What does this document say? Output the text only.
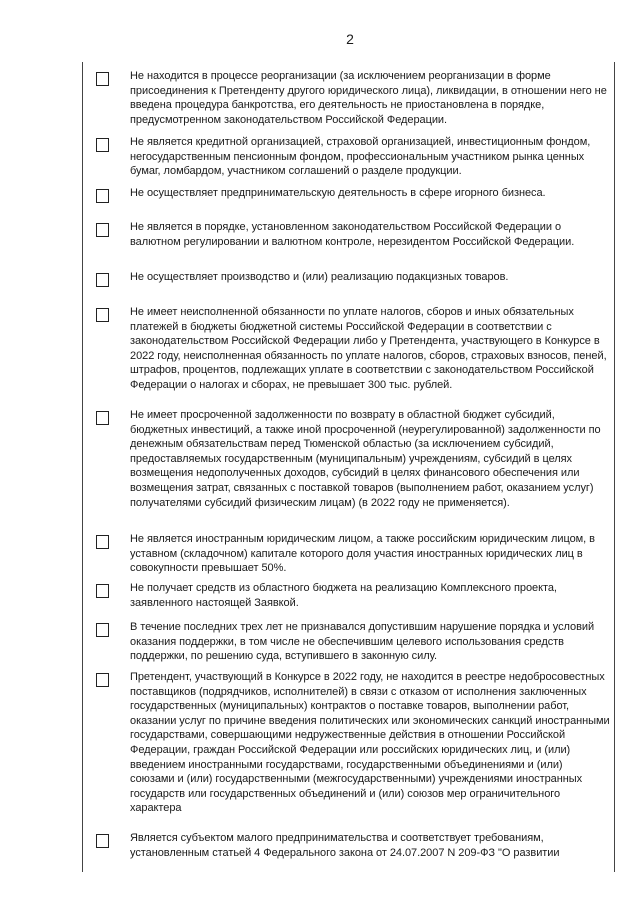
2
Не находится в процессе реорганизации (за исключением реорганизации в форме присоединения к Претенденту другого юридического лица), ликвидации, в отношении него не введена процедура банкротства, его деятельность не приостановлена в порядке, предусмотренном законодательством Российской Федерации.
Не является кредитной организацией, страховой организацией, инвестиционным фондом, негосударственным пенсионным фондом, профессиональным участником рынка ценных бумаг, ломбардом, участником соглашений о разделе продукции.
Не осуществляет предпринимательскую деятельность в сфере игорного бизнеса.
Не является в порядке, установленном законодательством Российской Федерации о валютном регулировании и валютном контроле, нерезидентом Российской Федерации.
Не осуществляет производство и (или) реализацию подакцизных товаров.
Не имеет неисполненной обязанности по уплате налогов, сборов и иных обязательных платежей в бюджеты бюджетной системы Российской Федерации в соответствии с законодательством Российской Федерации либо у Претендента, участвующего в Конкурсе в 2022 году, неисполненная обязанность по уплате налогов, сборов, страховых взносов, пеней, штрафов, процентов, подлежащих уплате в соответствии с законодательством Российской Федерации о налогах и сборах, не превышает 300 тыс. рублей.
Не имеет просроченной задолженности по возврату в областной бюджет субсидий, бюджетных инвестиций, а также иной просроченной (неурегулированной) задолженности по денежным обязательствам перед Тюменской областью (за исключением субсидий, предоставляемых государственным (муниципальным) учреждениям, субсидий в целях возмещения недополученных доходов, субсидий в целях финансового обеспечения или возмещения затрат, связанных с поставкой товаров (выполнением работ, оказанием услуг) получателями субсидий физическим лицам) (в 2022 году не применяется).
Не является иностранным юридическим лицом, а также российским юридическим лицом, в уставном (складочном) капитале которого доля участия иностранных юридических лиц в совокупности превышает 50%.
Не получает средств из областного бюджета на реализацию Комплексного проекта, заявленного настоящей Заявкой.
В течение последних трех лет не признавался допустившим нарушение порядка и условий оказания поддержки, в том числе не обеспечившим целевого использования средств поддержки, по решению суда, вступившего в законную силу.
Претендент, участвующий в Конкурсе в 2022 году, не находится в реестре недобросовестных поставщиков (подрядчиков, исполнителей) в связи с отказом от исполнения заключенных государственных (муниципальных) контрактов о поставке товаров, выполнении работ, оказании услуг по причине введения политических или экономических санкций иностранными государствами, совершающими недружественные действия в отношении Российской Федерации, граждан Российской Федерации или российских юридических лиц, и (или) введением иностранными государствами, государственными объединениями и (или) союзами и (или) государственными (межгосударственными) учреждениями иностранных государств или государственных объединений и (или) союзов мер ограничительного характера
Является субъектом малого предпринимательства и соответствует требованиям, установленным статьей 4 Федерального закона от 24.07.2007 N 209-ФЗ "О развитии
